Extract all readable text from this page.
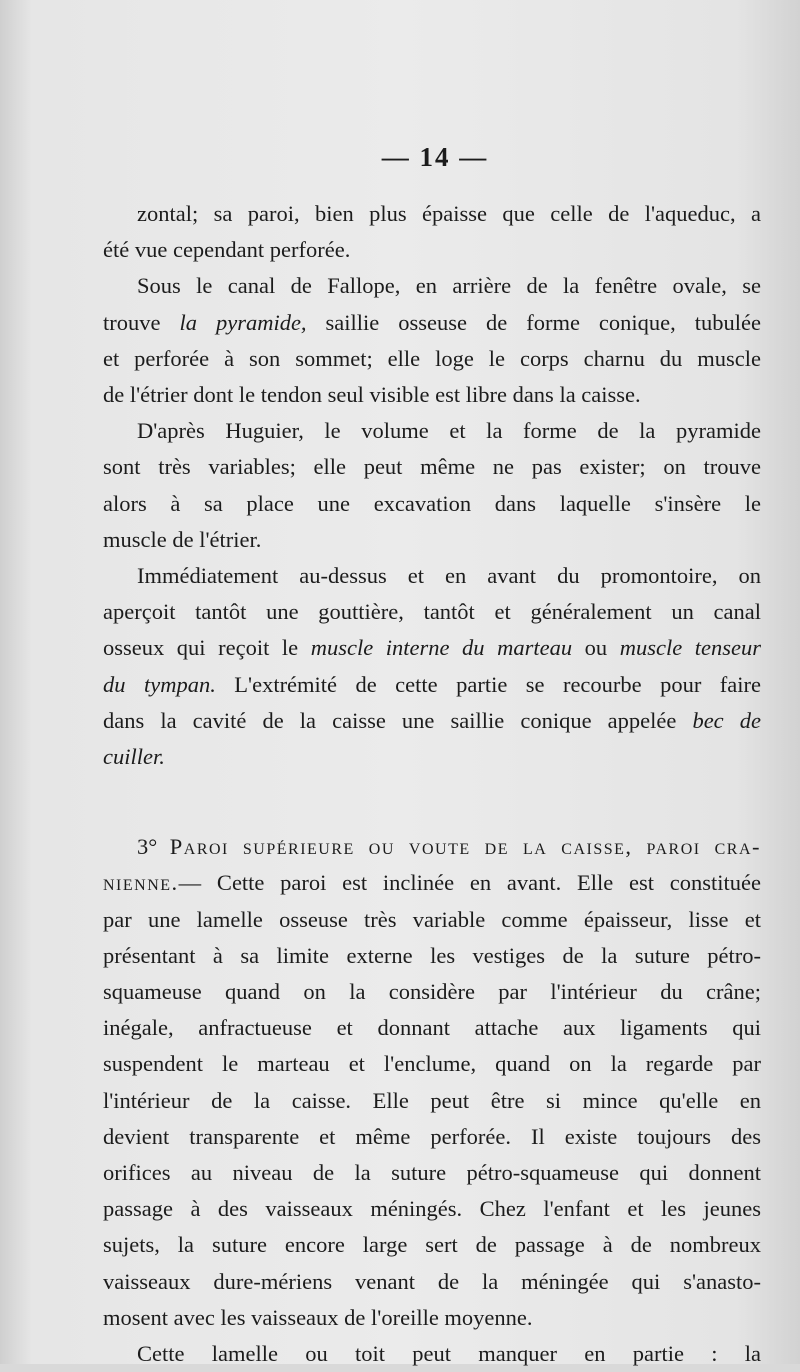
— 14 —
zontal; sa paroi, bien plus épaisse que celle de l'aqueduc, a
été vue cependant perforée.
Sous le canal de Fallope, en arrière de la fenêtre ovale, se
trouve la pyramide, saillie osseuse de forme conique, tubulée
et perforée à son sommet; elle loge le corps charnu du muscle
de l'étrier dont le tendon seul visible est libre dans la caisse.
D'après Huguier, le volume et la forme de la pyramide
sont très variables; elle peut même ne pas exister; on trouve
alors à sa place une excavation dans laquelle s'insère le
muscle de l'étrier.
Immédiatement au-dessus et en avant du promontoire, on
aperçoit tantôt une gouttière, tantôt et généralement un canal
osseux qui reçoit le muscle interne du marteau ou muscle tenseur
du tympan. L'extrémité de cette partie se recourbe pour faire
dans la cavité de la caisse une saillie conique appelée bec de
cuiller.
3° Paroi supérieure ou voute de la caisse, paroi cra-
nienne.— Cette paroi est inclinée en avant. Elle est constituée
par une lamelle osseuse très variable comme épaisseur, lisse et
présentant à sa limite externe les vestiges de la suture pétro-
squameuse quand on la considère par l'intérieur du crâne;
inégale, anfractueuse et donnant attache aux ligaments qui
suspendent le marteau et l'enclume, quand on la regarde par
l'intérieur de la caisse. Elle peut être si mince qu'elle en
devient transparente et même perforée. Il existe toujours des
orifices au niveau de la suture pétro-squameuse qui donnent
passage à des vaisseaux méningés. Chez l'enfant et les jeunes
sujets, la suture encore large sert de passage à de nombreux
vaisseaux dure-mériens venant de la méningée qui s'anasto-
mosent avec les vaisseaux de l'oreille moyenne.
Cette lamelle ou toit peut manquer en partie : la
